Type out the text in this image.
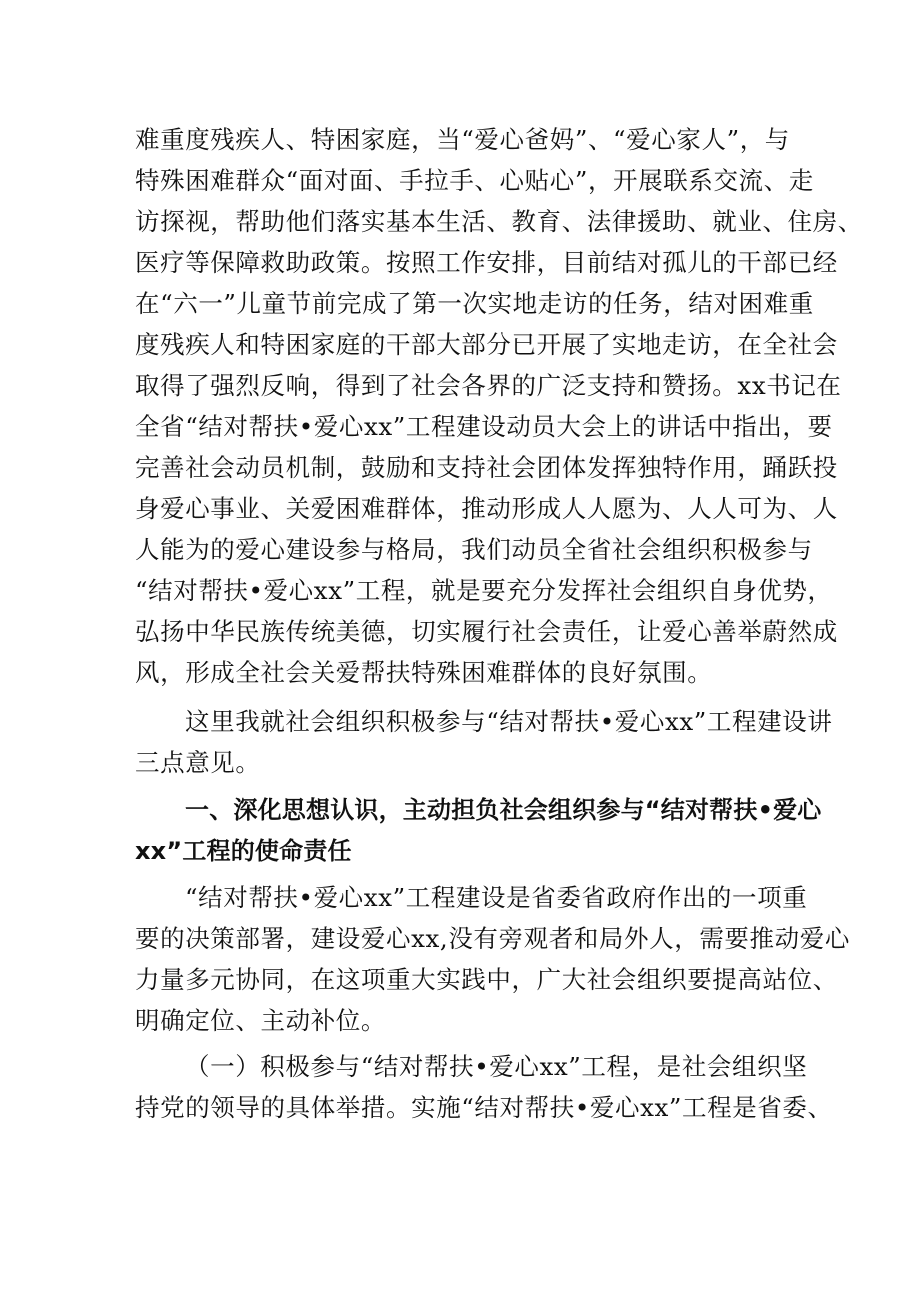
难重度残疾人、特困家庭，当“爱心爸妈”、“爱心家人”，与
特殊困难群众“面对面、手拉手、心贴心”，开展联系交流、走
访探视，帮助他们落实基本生活、教育、法律援助、就业、住房、
医疗等保障救助政策。按照工作安排，目前结对孤儿的干部已经
在“六一”儿童节前完成了第一次实地走访的任务，结对困难重
度残疾人和特困家庭的干部大部分已开展了实地走访，在全社会
取得了强烈反响，得到了社会各界的广泛支持和赞扬。xx书记在
全省“结对帮扶•爱心xx”工程建设动员大会上的讲话中指出，要
完善社会动员机制，鼓励和支持社会团体发挥独特作用，踊跃投
身爱心事业、关爱困难群体，推动形成人人愿为、人人可为、人
人能为的爱心建设参与格局，我们动员全省社会组织积极参与
“结对帮扶•爱心xx”工程，就是要充分发挥社会组织自身优势，
弘扬中华民族传统美德，切实履行社会责任，让爱心善举蔚然成
风，形成全社会关爱帮扶特殊困难群体的良好氛围。
这里我就社会组织积极参与“结对帮扶•爱心xx”工程建设讲
三点意见。
一、深化思想认识，主动担负社会组织参与“结对帮扶•爱心
xx”工程的使命责任
“结对帮扶•爱心xx”工程建设是省委省政府作出的一项重
要的决策部署，建设爱心xx,没有旁观者和局外人，需要推动爱心
力量多元协同，在这项重大实践中，广大社会组织要提高站位、
明确定位、主动补位。
（一）积极参与“结对帮扶•爱心xx”工程，是社会组织坚
持党的领导的具体举措。实施“结对帮扶•爱心xx”工程是省委、
